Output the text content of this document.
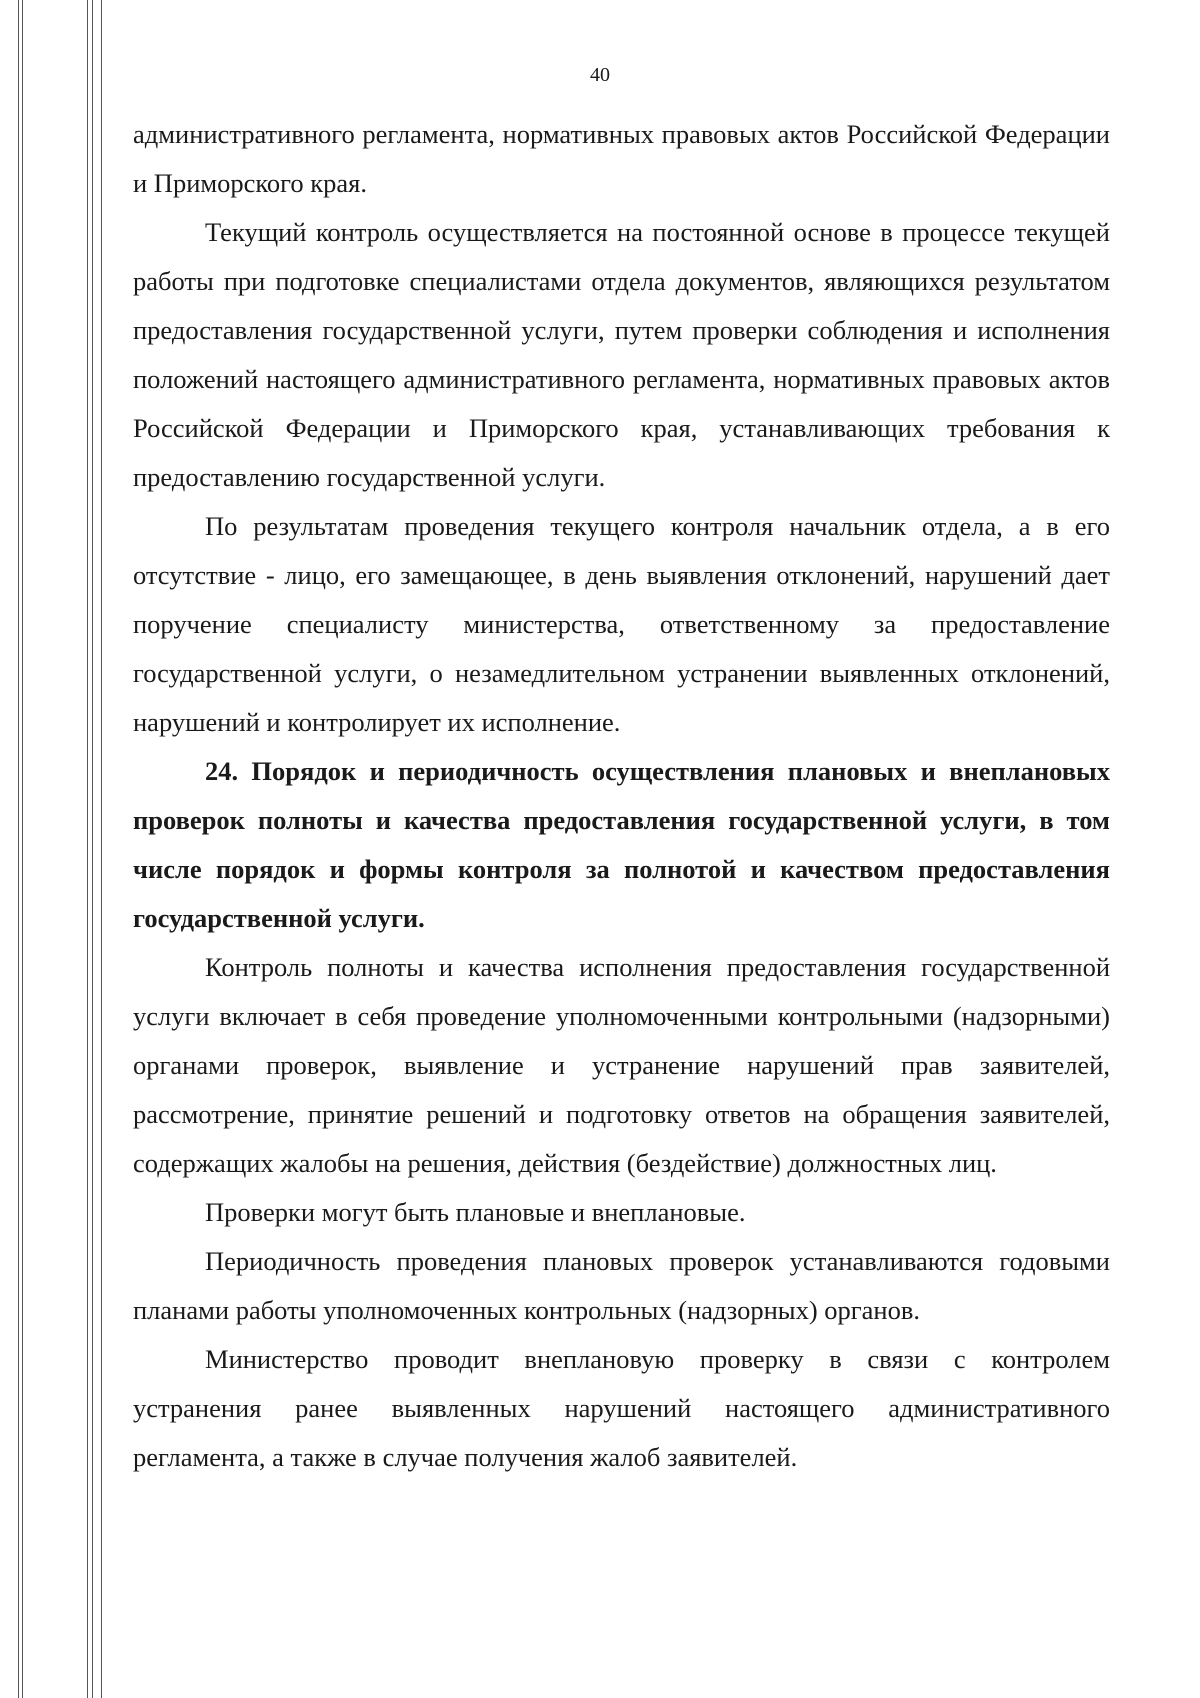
40

административного регламента, нормативных правовых актов Российской Федерации и Приморского края.

Текущий контроль осуществляется на постоянной основе в процессе текущей работы при подготовке специалистами отдела документов, являющихся результатом предоставления государственной услуги, путем проверки соблюдения и исполнения положений настоящего административного регламента, нормативных правовых актов Российской Федерации и Приморского края, устанавливающих требования к предоставлению государственной услуги.

По результатам проведения текущего контроля начальник отдела, а в его отсутствие - лицо, его замещающее, в день выявления отклонений, нарушений дает поручение специалисту министерства, ответственному за предоставление государственной услуги, о незамедлительном устранении выявленных отклонений, нарушений и контролирует их исполнение.

24. Порядок и периодичность осуществления плановых и внеплановых проверок полноты и качества предоставления государственной услуги, в том числе порядок и формы контроля за полнотой и качеством предоставления государственной услуги.

Контроль полноты и качества исполнения предоставления государственной услуги включает в себя проведение уполномоченными контрольными (надзорными) органами проверок, выявление и устранение нарушений прав заявителей, рассмотрение, принятие решений и подготовку ответов на обращения заявителей, содержащих жалобы на решения, действия (бездействие) должностных лиц.

Проверки могут быть плановые и внеплановые.

Периодичность проведения плановых проверок устанавливаются годовыми планами работы уполномоченных контрольных (надзорных) органов.

Министерство проводит внеплановую проверку в связи с контролем устранения ранее выявленных нарушений настоящего административного регламента, а также в случае получения жалоб заявителей.
